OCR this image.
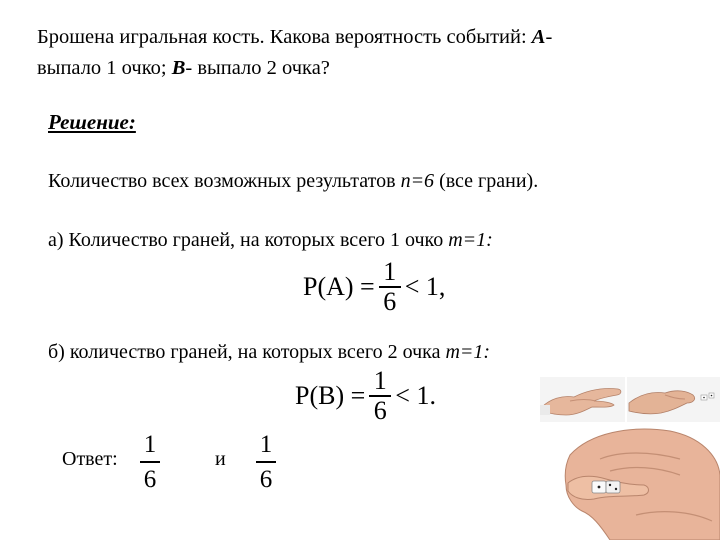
Брошена игральная кость. Какова вероятность событий: A-
выпало 1 очко; B- выпало 2 очка?
Решение:
Количество всех возможных результатов n=6 (все грани).
а) Количество граней, на которых всего 1 очко m=1:
$P(A) = \frac{1}{6} < 1$,
б) количество граней, на которых всего 2 очка m=1:
$P(B) = \frac{1}{6} < 1$.
Ответ:
1
6
и
1
6
